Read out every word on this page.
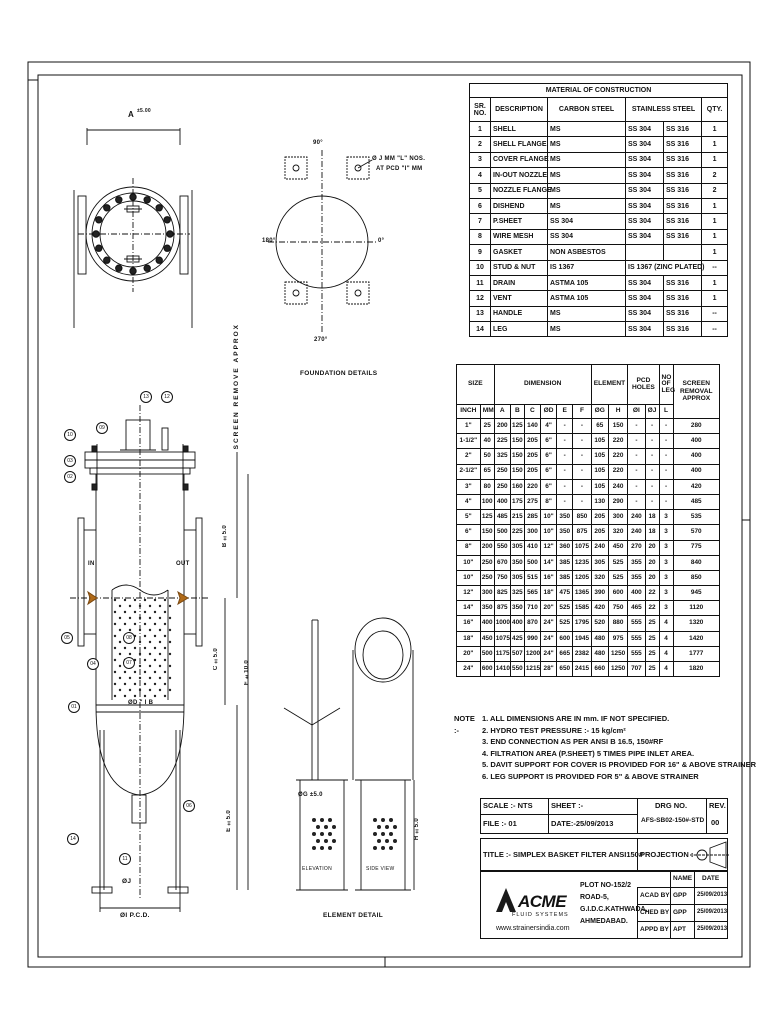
A ±5.00
90°
180°	0°
270°
Ø J MM "L" NOS.
AT PCD "I" MM
FOUNDATION DETAILS
SCREEN REMOVE APPROX
IN	OUT
ØD " I B
ØJ
ØI P.C.D.
B ±5.0
F ±10.0
C ±5.0
E ±5.0
ØG ±5.0
H ±5.0
ELEVATION	SIDE VIEW
ELEMENT DETAIL
01
02
03
04
05
06
07
08
09
10
11
12
13
14
MATERIAL OF CONSTRUCTION					
SR. NO.	DESCRIPTION	CARBON STEEL	STAINLESS STEEL		QTY.
1	SHELL	MS	SS 304	SS 316	1
2	SHELL FLANGE	MS	SS 304	SS 316	1
3	COVER FLANGE	MS	SS 304	SS 316	1
4	IN-OUT NOZZLE	MS	SS 304	SS 316	2
5	NOZZLE FLANGE	MS	SS 304	SS 316	2
6	DISHEND	MS	SS 304	SS 316	1
7	P.SHEET	SS 304	SS 304	SS 316	1
8	WIRE MESH	SS 304	SS 304	SS 316	1
9	GASKET	NON ASBESTOS			1
10	STUD & NUT	IS 1367	IS 1367 (ZINC PLATED)		--
11	DRAIN	ASTMA 105	SS 304	SS 316	1
12	VENT	ASTMA 105	SS 304	SS 316	1
13	HANDLE	MS	SS 304	SS 316	--
14	LEG	MS	SS 304	SS 316	--
SIZE		DIMENSION						ELEMENT		PCD HOLES		NO OF LEG	SCREEN REMOVAL APPROX
INCH	MM	A	B	C	ØD	E	F	ØG	H	ØI	ØJ	L	
1"	25	200	125	140	4"	-	-	65	150	-	-	-	280
1-1/2"	40	225	150	205	6"	-	-	105	220	-	-	-	400
2"	50	325	150	205	6"	-	-	105	220	-	-	-	400
2-1/2"	65	250	150	205	6"	-	-	105	220	-	-	-	400
3"	80	250	160	220	6"	-	-	105	240	-	-	-	420
4"	100	400	175	275	8"	-	-	130	290	-	-	-	485
5"	125	485	215	285	10"	350	850	205	300	240	18	3	535
6"	150	500	225	300	10"	350	875	205	320	240	18	3	570
8"	200	550	305	410	12"	360	1075	240	450	270	20	3	775
10"	250	670	350	500	14"	385	1235	305	525	355	20	3	840
10"	250	750	305	515	16"	385	1205	320	525	355	20	3	850
12"	300	825	325	565	18"	475	1365	390	600	400	22	3	945
14"	350	875	350	710	20"	525	1585	420	750	465	22	3	1120
16"	400	1000	400	870	24"	525	1795	520	880	555	25	4	1320
18"	450	1075	425	990	24"	600	1945	480	975	555	25	4	1420
20"	500	1175	507	1200	24"	665	2382	480	1250	555	25	4	1777
24"	600	1410	550	1215	28"	650	2415	660	1250	707	25	4	1820
NOTE :-
1. ALL DIMENSIONS ARE IN mm. IF NOT SPECIFIED.
2. HYDRO TEST PRESSURE :- 15 kg/cm²
3. END CONNECTION AS PER ANSI B 16.5, 150#RF
4. FILTRATION AREA (P.SHEET) 5 TIMES PIPE INLET AREA.
5. DAVIT SUPPORT FOR COVER IS PROVIDED FOR 16" & ABOVE STRAINER
6. LEG SUPPORT IS PROVIDED FOR 5" & ABOVE STRAINER
SCALE :- NTS SHEET :-	DRG NO.
AFS-SB02-150#-STD
REV.
00
FILE :- 01	DATE:-25/09/2013
TITLE :- SIMPLEX BASKET FILTER ANSI150#
PROJECTION :-
ACME
FLUID SYSTEMS
www.strainersindia.com
PLOT NO-152/2
ROAD-5,
G.I.D.C.KATHWADA,
AHMEDABAD.
NAME DATE
ACAD BY GPP 25/09/2013
CHED BY GPP 25/09/2013
APPD BY APT 25/09/2013
